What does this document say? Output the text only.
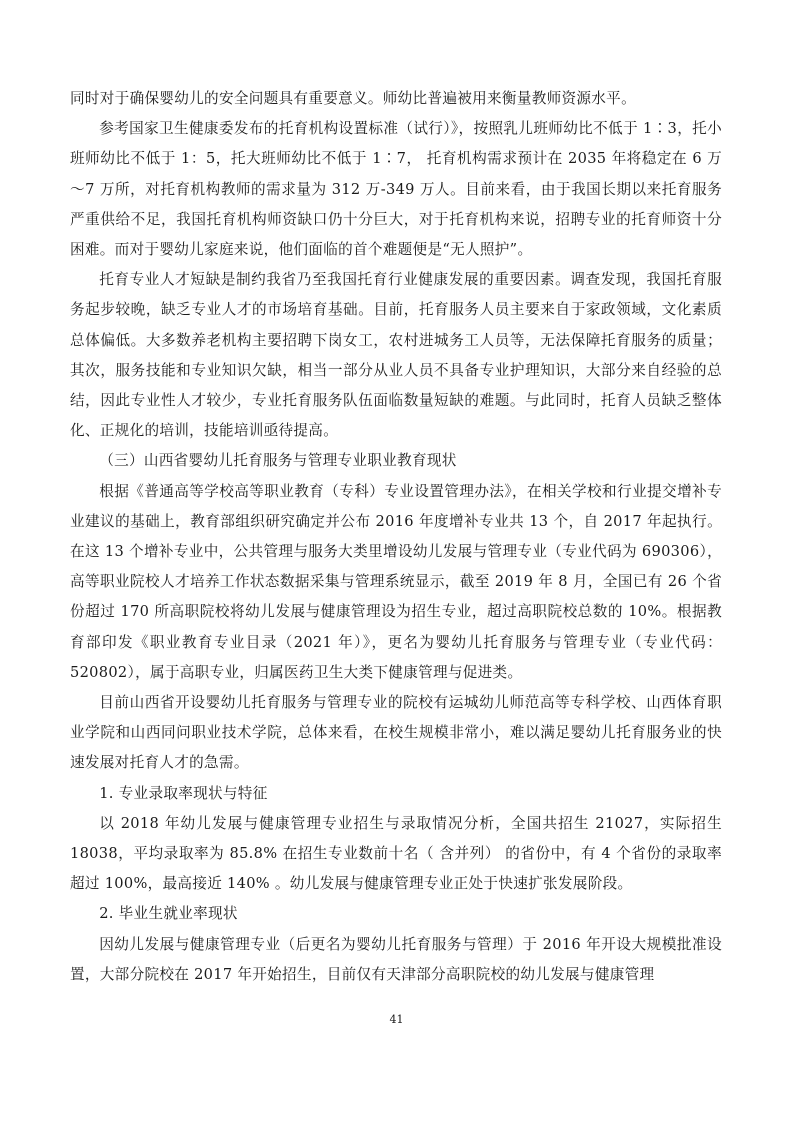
同时对于确保婴幼儿的安全问题具有重要意义。师幼比普遍被用来衡量教师资源水平。

参考国家卫生健康委发布的托育机构设置标准（试行）》，按照乳儿班师幼比不低于 1∶3，托小班师幼比不低于 1：5，托大班师幼比不低于 1∶7， 托育机构需求预计在 2035 年将稳定在 6 万～7 万所，对托育机构教师的需求量为 312 万-349 万人。目前来看，由于我国长期以来托育服务严重供给不足，我国托育机构师资缺口仍十分巨大，对于托育机构来说，招聘专业的托育师资十分困难。而对于婴幼儿家庭来说，他们面临的首个难题便是“无人照护”。

托育专业人才短缺是制约我省乃至我国托育行业健康发展的重要因素。调查发现，我国托育服务起步较晚，缺乏专业人才的市场培育基础。目前，托育服务人员主要来自于家政领域，文化素质总体偏低。大多数养老机构主要招聘下岗女工，农村进城务工人员等，无法保障托育服务的质量；其次，服务技能和专业知识欠缺，相当一部分从业人员不具备专业护理知识，大部分来自经验的总结，因此专业性人才较少，专业托育服务队伍面临数量短缺的难题。与此同时，托育人员缺乏整体化、正规化的培训，技能培训亟待提高。

（三）山西省婴幼儿托育服务与管理专业职业教育现状

根据《普通高等学校高等职业教育（专科）专业设置管理办法》，在相关学校和行业提交增补专业建议的基础上，教育部组织研究确定并公布 2016 年度增补专业共 13 个，自 2017 年起执行。在这 13 个增补专业中，公共管理与服务大类里增设幼儿发展与管理专业（专业代码为 690306），高等职业院校人才培养工作状态数据采集与管理系统显示，截至 2019 年 8 月，全国已有 26 个省份超过 170 所高职院校将幼儿发展与健康管理设为招生专业，超过高职院校总数的 10%。根据教育部印发《职业教育专业目录（2021 年）》，更名为婴幼儿托育服务与管理专业（专业代码：520802），属于高职专业，归属医药卫生大类下健康管理与促进类。

目前山西省开设婴幼儿托育服务与管理专业的院校有运城幼儿师范高等专科学校、山西体育职业学院和山西同问职业技术学院，总体来看，在校生规模非常小，难以满足婴幼儿托育服务业的快速发展对托育人才的急需。

1. 专业录取率现状与特征

以 2018 年幼儿发展与健康管理专业招生与录取情况分析，全国共招生 21027，实际招生 18038，平均录取率为 85.8% 在招生专业数前十名（ 含并列） 的省份中，有 4 个省份的录取率超过 100%，最高接近 140% 。幼儿发展与健康管理专业正处于快速扩张发展阶段。

2. 毕业生就业率现状

因幼儿发展与健康管理专业（后更名为婴幼儿托育服务与管理）于 2016 年开设大规模批准设置，大部分院校在 2017 年开始招生，目前仅有天津部分高职院校的幼儿发展与健康管理

41
